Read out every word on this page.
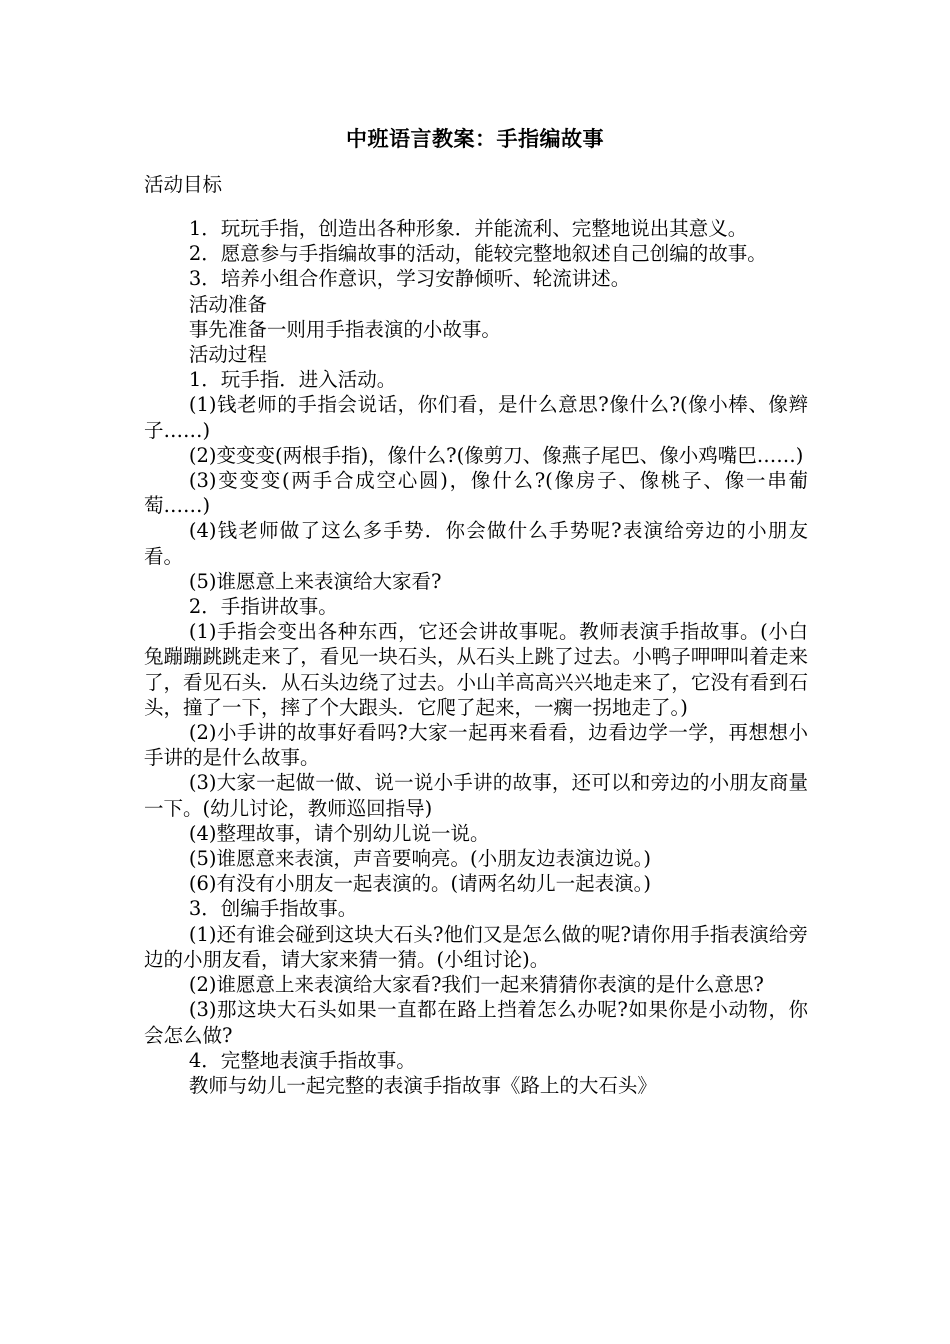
中班语言教案：手指编故事
活动目标

1．玩玩手指，创造出各种形象．并能流利、完整地说出其意义。

2．愿意参与手指编故事的活动，能较完整地叙述自己创编的故事。

3．培养小组合作意识，学习安静倾听、轮流讲述。

活动准备

事先准备一则用手指表演的小故事。

活动过程

1．玩手指．进入活动。

(1)钱老师的手指会说话，你们看，是什么意思?像什么?(像小棒、像辫子……)

(2)变变变(两根手指)，像什么?(像剪刀、像燕子尾巴、像小鸡嘴巴……)

(3)变变变(两手合成空心圆)，像什么?(像房子、像桃子、像一串葡萄……)

(4)钱老师做了这么多手势．你会做什么手势呢?表演给旁边的小朋友看。

(5)谁愿意上来表演给大家看?

2．手指讲故事。

(1)手指会变出各种东西，它还会讲故事呢。教师表演手指故事。(小白兔蹦蹦跳跳走来了，看见一块石头，从石头上跳了过去。小鸭子呷呷叫着走来了，看见石头．从石头边绕了过去。小山羊高高兴兴地走来了，它没有看到石头，撞了一下，摔了个大跟头．它爬了起来，一瘸一拐地走了。)

(2)小手讲的故事好看吗?大家一起再来看看，边看边学一学，再想想小手讲的是什么故事。

(3)大家一起做一做、说一说小手讲的故事，还可以和旁边的小朋友商量一下。(幼儿讨论，教师巡回指导)

(4)整理故事，请个别幼儿说一说。

(5)谁愿意来表演，声音要响亮。(小朋友边表演边说。)

(6)有没有小朋友一起表演的。(请两名幼儿一起表演。)

3．创编手指故事。

(1)还有谁会碰到这块大石头?他们又是怎么做的呢?请你用手指表演给旁边的小朋友看，请大家来猜一猜。(小组讨论)。

(2)谁愿意上来表演给大家看?我们一起来猜猜你表演的是什么意思?

(3)那这块大石头如果一直都在路上挡着怎么办呢?如果你是小动物，你会怎么做?

4．完整地表演手指故事。

教师与幼儿一起完整的表演手指故事《路上的大石头》
